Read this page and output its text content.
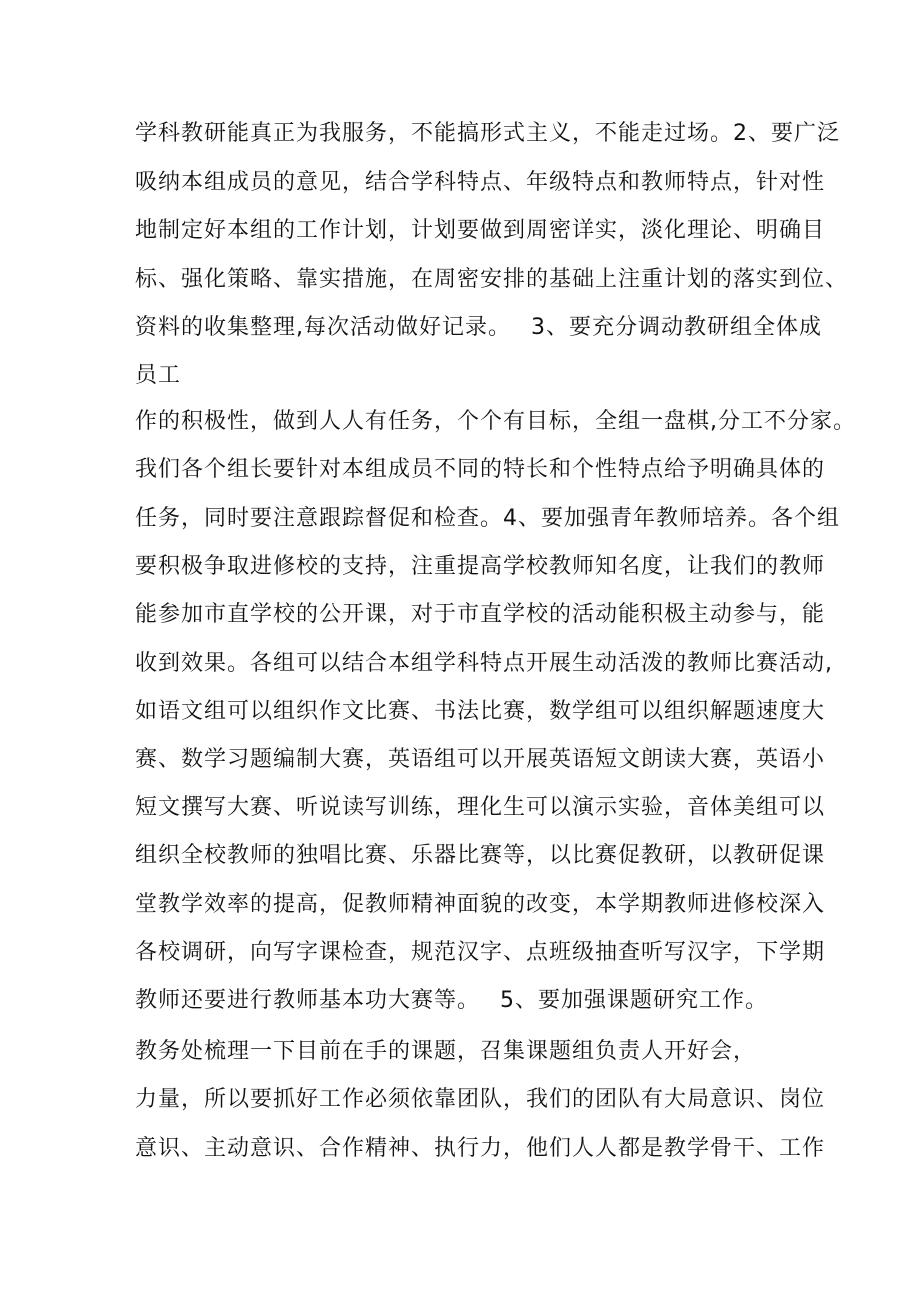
学科教研能真正为我服务，不能搞形式主义，不能走过场。2、要广泛

吸纳本组成员的意见，结合学科特点、年级特点和教师特点，针对性

地制定好本组的工作计划，计划要做到周密详实，淡化理论、明确目

标、强化策略、靠实措施，在周密安排的基础上注重计划的落实到位、

资料的收集整理,每次活动做好记录。　 3、要充分调动教研组全体成

员工

作的积极性，做到人人有任务，个个有目标，全组一盘棋,分工不分家。

我们各个组长要针对本组成员不同的特长和个性特点给予明确具体的

任务，同时要注意跟踪督促和检查。4、要加强青年教师培养。各个组

要积极争取进修校的支持，注重提高学校教师知名度，让我们的教师

能参加市直学校的公开课，对于市直学校的活动能积极主动参与，能

收到效果。各组可以结合本组学科特点开展生动活泼的教师比赛活动,

如语文组可以组织作文比赛、书法比赛，数学组可以组织解题速度大

赛、数学习题编制大赛，英语组可以开展英语短文朗读大赛，英语小

短文撰写大赛、听说读写训练，理化生可以演示实验，音体美组可以

组织全校教师的独唱比赛、乐器比赛等，以比赛促教研，以教研促课

堂教学效率的提高，促教师精神面貌的改变，本学期教师进修校深入

各校调研，向写字课检查，规范汉字、点班级抽查听写汉字，下学期

教师还要进行教师基本功大赛等。　 5、要加强课题研究工作。

教务处梳理一下目前在手的课题，召集课题组负责人开好会，

力量，所以要抓好工作必须依靠团队，我们的团队有大局意识、岗位

意识、主动意识、合作精神、执行力，他们人人都是教学骨干、工作
